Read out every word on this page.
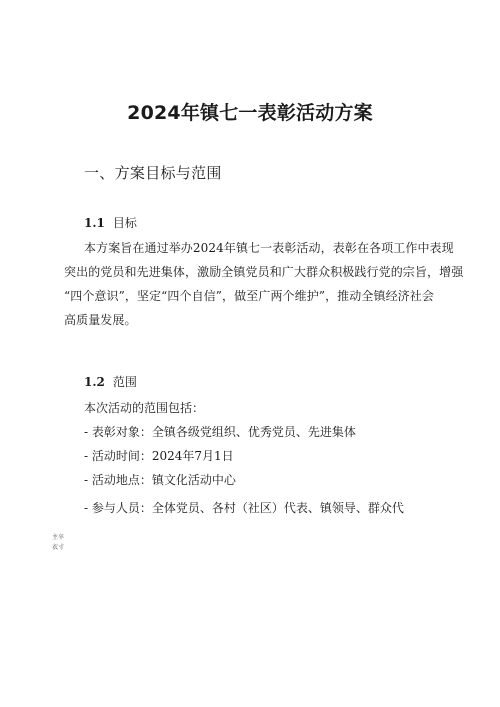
2024年镇七一表彰活动方案
一、方案目标与范围
1.1 目标
本方案旨在通过举办2024年镇七一表彰活动，表彰在各项工作中表现
突出的党员和先进集体，激励全镇党员和广大群众积极践行党的宗旨，增强
“四个意识”，坚定“四个自信”，做至广两个维护”，推动全镇经济社会
高质量发展。
1.2 范围
本次活动的范围包括：
- 表彰对象：全镇各级党组织、优秀党员、先进集体
- 活动时间：2024年7月1日
- 活动地点：镇文化活动中心
- 参与人员：全体党员、各村（社区）代表、镇领导、群众代
主卒
衣寸
